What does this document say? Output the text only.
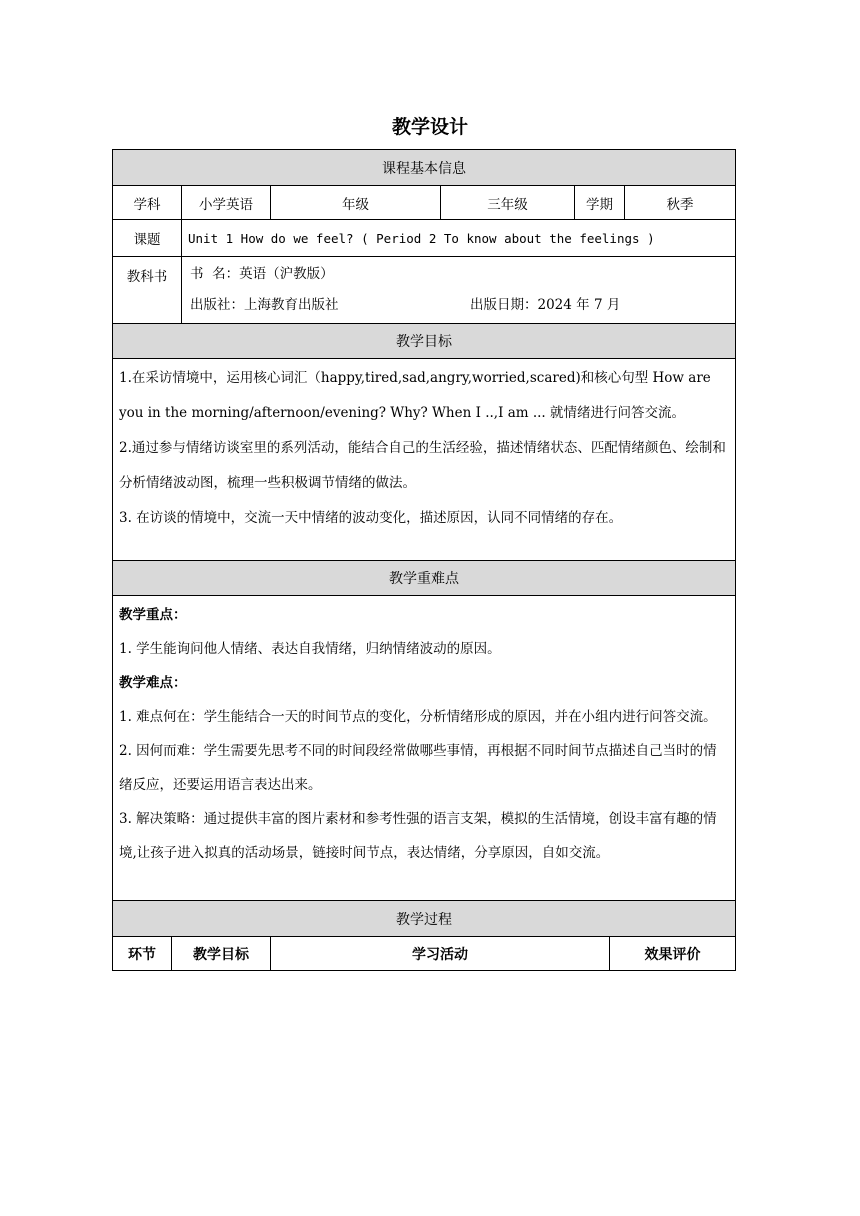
教学设计
课程基本信息
学科	小学英语	年级	三年级	学期	秋季
课题	Unit 1 How do we feel? ( Period 2 To know about the feelings )
教科书	书  名：英语（沪教版）
出版社：上海教育出版社	出版日期：2024 年 7 月
教学目标

1.在采访情境中，运用核心词汇（happy,tired,sad,angry,worried,scared)和核心句型 How are you in the morning/afternoon/evening? Why? When I ..,I am ... 就情绪进行问答交流。

2.通过参与情绪访谈室里的系列活动，能结合自己的生活经验，描述情绪状态、匹配情绪颜色、绘制和分析情绪波动图，梳理一些积极调节情绪的做法。

3. 在访谈的情境中，交流一天中情绪的波动变化，描述原因，认同不同情绪的存在。

教学重难点

教学重点：

1. 学生能询问他人情绪、表达自我情绪，归纳情绪波动的原因。

教学难点：

1. 难点何在：学生能结合一天的时间节点的变化，分析情绪形成的原因，并在小组内进行问答交流。

2. 因何而难：学生需要先思考不同的时间段经常做哪些事情，再根据不同时间节点描述自己当时的情绪反应，还要运用语言表达出来。

3. 解决策略：通过提供丰富的图片素材和参考性强的语言支架，模拟的生活情境，创设丰富有趣的情境,让孩子进入拟真的活动场景，链接时间节点，表达情绪，分享原因，自如交流。

教学过程
环节	教学目标	学习活动	效果评价
